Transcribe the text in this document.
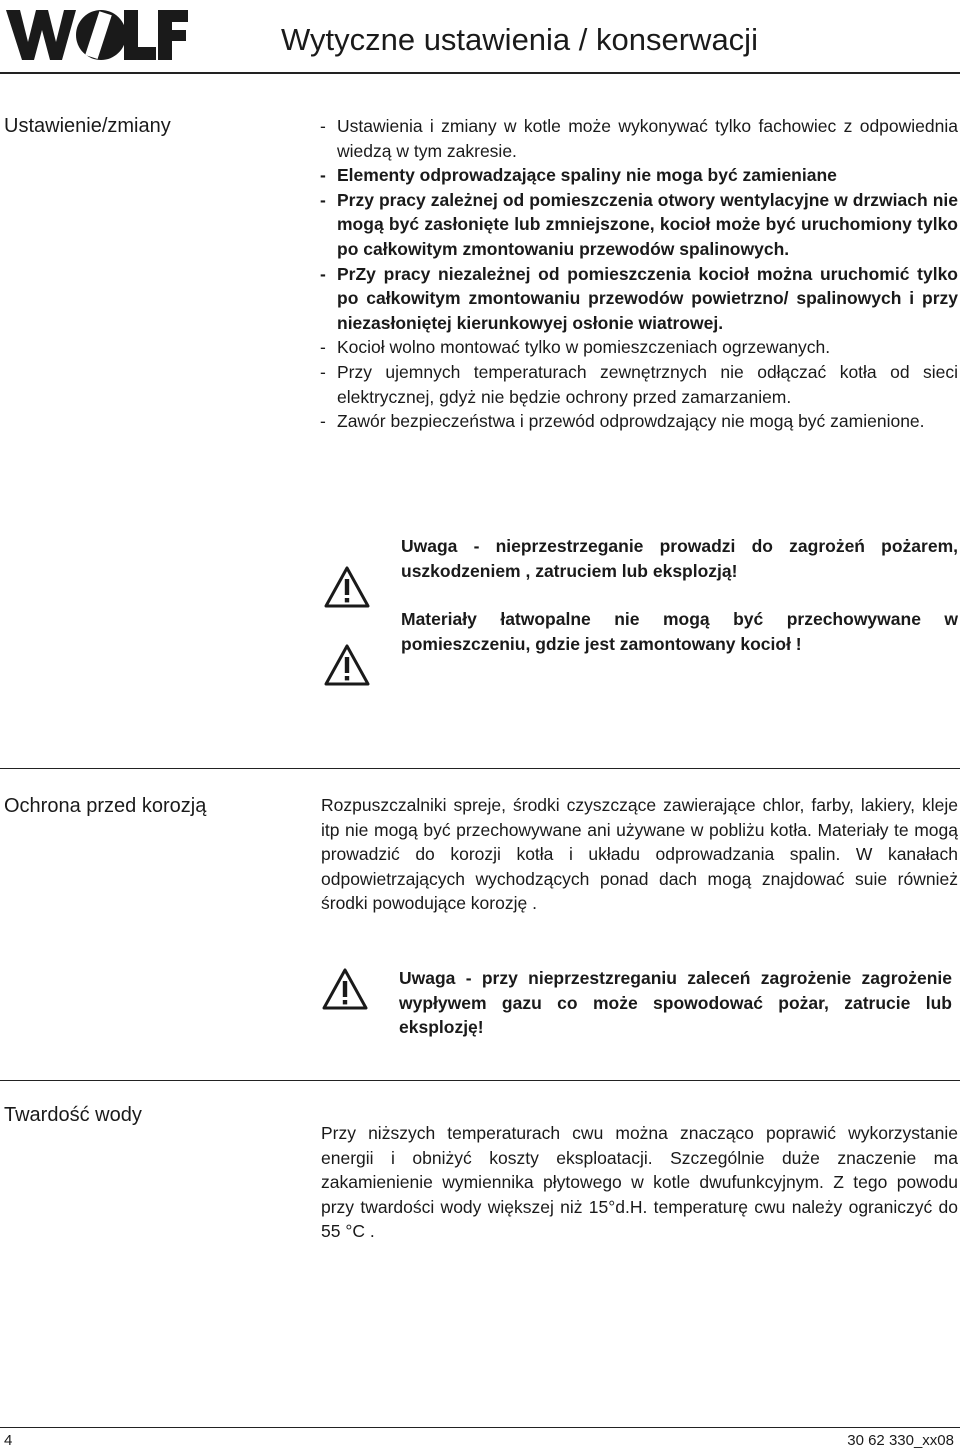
Wytyczne ustawienia / konserwacji
Ustawienie/zmiany
-	Ustawienia i zmiany w kotle może wykonywać tylko fachowiec z odpowiednia wiedzą w tym zakresie.
- Elementy odprowadzające spaliny nie moga być zamieniane
- Przy pracy zależnej od pomieszczenia otwory wentylacyjne w drzwiach nie mogą być zasłonięte lub zmniejszone, kocioł może być uruchomiony tylko po całkowitym zmontowaniu przewodów spalinowych.
- PrZy pracy niezależnej od pomieszczenia kocioł można uruchomić tylko po całkowitym zmontowaniu przewodów powietrzno/ spalinowych i przy niezasłoniętej kierunkowyej osłonie wiatrowej.
- Kocioł wolno montować tylko w pomieszczeniach ogrzewanych.
- Przy ujemnych temperaturach zewnętrznych nie odłączać kotła od sieci elektrycznej, gdyż nie będzie ochrony przed zamarzaniem.
- Zawór bezpieczeństwa i przewód odprowdzający nie mogą być zamienione.

Uwaga - nieprzestrzeganie prowadzi do zagrożeń pożarem, uszkodzeniem , zatruciem lub eksplozją!

Materiały łatwopalne nie mogą być przechowywane w pomieszczeniu, gdzie jest zamontowany kocioł !

Ochrona przed korozją	Rozpuszczalniki spreje, środki czyszczące zawierające chlor, farby, lakiery, kleje itp nie mogą być przechowywane ani używane w pobliżu kotła. Materiały te mogą prowadzić do korozji kotła i układu odprowadzania spalin. W kanałach odpowietrzających wychodzących ponad dach mogą znajdować suie również środki powodujące korozję .

Uwaga - przy nieprzestzreganiu zaleceń zagrożenie zagrożenie wypływem gazu co może spowodować pożar, zatrucie lub eksplozję!

Twardość wody

Przy niższych temperaturach cwu można znacząco poprawić wykorzystanie energii i obniżyć koszty eksploatacji. Szczególnie duże znaczenie ma zakamienienie wymiennika płytowego w kotle dwufunkcyjnym. Z tego powodu przy twardości wody większej niż 15°d.H. temperaturę cwu należy ograniczyć do 55 °C .

4	30 62 330_xx08
